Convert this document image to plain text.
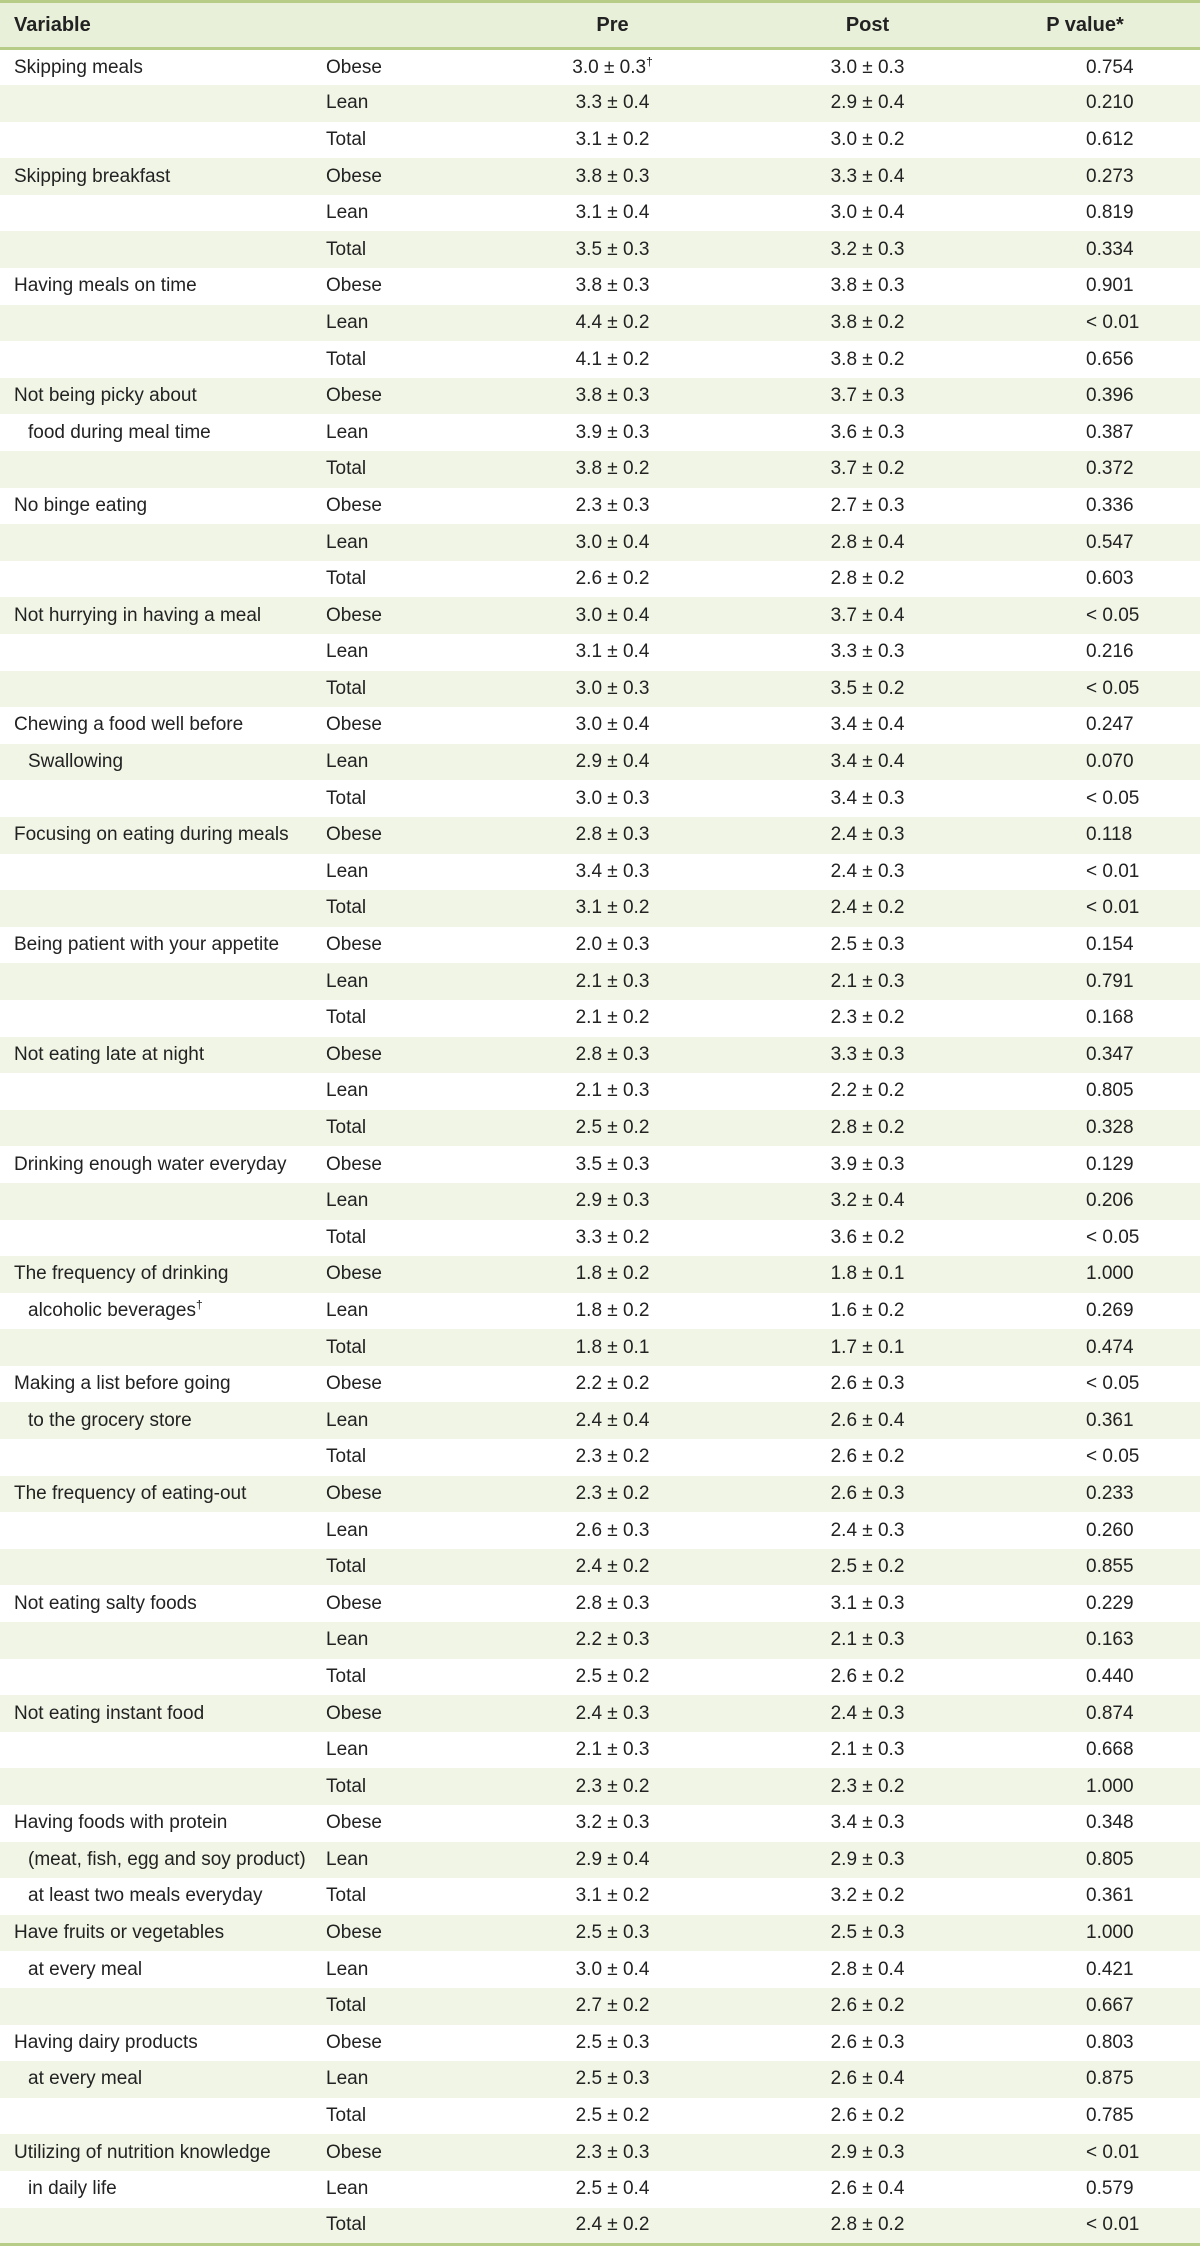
Variable		Pre	Post	P value*
Skipping meals	Obese	3.0 ± 0.3†	3.0 ± 0.3	0.754
	Lean	3.3 ± 0.4	2.9 ± 0.4	0.210
	Total	3.1 ± 0.2	3.0 ± 0.2	0.612
Skipping breakfast	Obese	3.8 ± 0.3	3.3 ± 0.4	0.273
	Lean	3.1 ± 0.4	3.0 ± 0.4	0.819
	Total	3.5 ± 0.3	3.2 ± 0.3	0.334
Having meals on time	Obese	3.8 ± 0.3	3.8 ± 0.3	0.901
	Lean	4.4 ± 0.2	3.8 ± 0.2	< 0.01
	Total	4.1 ± 0.2	3.8 ± 0.2	0.656
Not being picky about	Obese	3.8 ± 0.3	3.7 ± 0.3	0.396
food during meal time	Lean	3.9 ± 0.3	3.6 ± 0.3	0.387
	Total	3.8 ± 0.2	3.7 ± 0.2	0.372
No binge eating	Obese	2.3 ± 0.3	2.7 ± 0.3	0.336
	Lean	3.0 ± 0.4	2.8 ± 0.4	0.547
	Total	2.6 ± 0.2	2.8 ± 0.2	0.603
Not hurrying in having a meal	Obese	3.0 ± 0.4	3.7 ± 0.4	< 0.05
	Lean	3.1 ± 0.4	3.3 ± 0.3	0.216
	Total	3.0 ± 0.3	3.5 ± 0.2	< 0.05
Chewing a food well before	Obese	3.0 ± 0.4	3.4 ± 0.4	0.247
Swallowing	Lean	2.9 ± 0.4	3.4 ± 0.4	0.070
	Total	3.0 ± 0.3	3.4 ± 0.3	< 0.05
Focusing on eating during meals	Obese	2.8 ± 0.3	2.4 ± 0.3	0.118
	Lean	3.4 ± 0.3	2.4 ± 0.3	< 0.01
	Total	3.1 ± 0.2	2.4 ± 0.2	< 0.01
Being patient with your appetite	Obese	2.0 ± 0.3	2.5 ± 0.3	0.154
	Lean	2.1 ± 0.3	2.1 ± 0.3	0.791
	Total	2.1 ± 0.2	2.3 ± 0.2	0.168
Not eating late at night	Obese	2.8 ± 0.3	3.3 ± 0.3	0.347
	Lean	2.1 ± 0.3	2.2 ± 0.2	0.805
	Total	2.5 ± 0.2	2.8 ± 0.2	0.328
Drinking enough water everyday	Obese	3.5 ± 0.3	3.9 ± 0.3	0.129
	Lean	2.9 ± 0.3	3.2 ± 0.4	0.206
	Total	3.3 ± 0.2	3.6 ± 0.2	< 0.05
The frequency of drinking	Obese	1.8 ± 0.2	1.8 ± 0.1	1.000
alcoholic beverages†	Lean	1.8 ± 0.2	1.6 ± 0.2	0.269
	Total	1.8 ± 0.1	1.7 ± 0.1	0.474
Making a list before going	Obese	2.2 ± 0.2	2.6 ± 0.3	< 0.05
to the grocery store	Lean	2.4 ± 0.4	2.6 ± 0.4	0.361
	Total	2.3 ± 0.2	2.6 ± 0.2	< 0.05
The frequency of eating-out	Obese	2.3 ± 0.2	2.6 ± 0.3	0.233
	Lean	2.6 ± 0.3	2.4 ± 0.3	0.260
	Total	2.4 ± 0.2	2.5 ± 0.2	0.855
Not eating salty foods	Obese	2.8 ± 0.3	3.1 ± 0.3	0.229
	Lean	2.2 ± 0.3	2.1 ± 0.3	0.163
	Total	2.5 ± 0.2	2.6 ± 0.2	0.440
Not eating instant food	Obese	2.4 ± 0.3	2.4 ± 0.3	0.874
	Lean	2.1 ± 0.3	2.1 ± 0.3	0.668
	Total	2.3 ± 0.2	2.3 ± 0.2	1.000
Having foods with protein	Obese	3.2 ± 0.3	3.4 ± 0.3	0.348
(meat, fish, egg and soy product)	Lean	2.9 ± 0.4	2.9 ± 0.3	0.805
at least two meals everyday	Total	3.1 ± 0.2	3.2 ± 0.2	0.361
Have fruits or vegetables	Obese	2.5 ± 0.3	2.5 ± 0.3	1.000
at every meal	Lean	3.0 ± 0.4	2.8 ± 0.4	0.421
	Total	2.7 ± 0.2	2.6 ± 0.2	0.667
Having dairy products	Obese	2.5 ± 0.3	2.6 ± 0.3	0.803
at every meal	Lean	2.5 ± 0.3	2.6 ± 0.4	0.875
	Total	2.5 ± 0.2	2.6 ± 0.2	0.785
Utilizing of nutrition knowledge	Obese	2.3 ± 0.3	2.9 ± 0.3	< 0.01
in daily life	Lean	2.5 ± 0.4	2.6 ± 0.4	0.579
	Total	2.4 ± 0.2	2.8 ± 0.2	< 0.01
